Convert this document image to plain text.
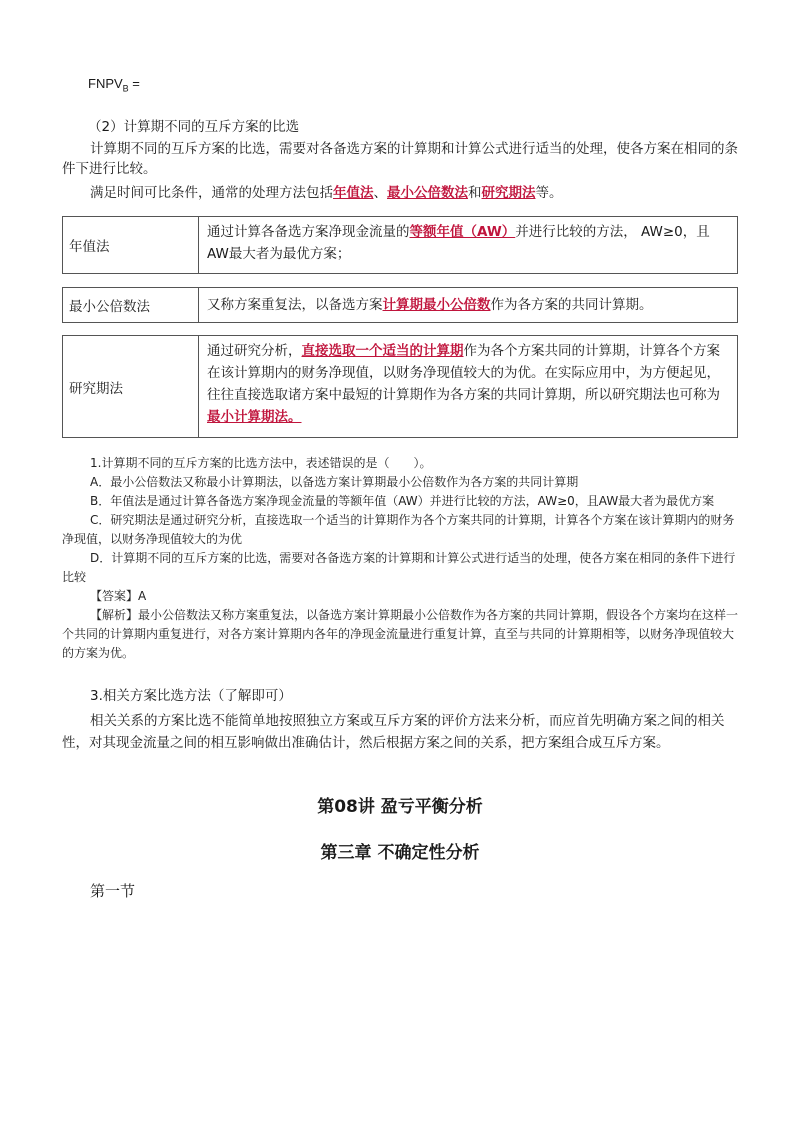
$FNPV_B$ =
（2）计算期不同的互斥方案的比选
计算期不同的互斥方案的比选，需要对各备选方案的计算期和计算公式进行适当的处理，使各方案在相同的条件下进行比较。
满足时间可比条件，通常的处理方法包括年值法、最小公倍数法和研究期法等。
年值法
通过计算各备选方案净现金流量的等额年值（AW）并进行比较的方法， AW≥0，且AW最大者为最优方案；
最小公倍数法	又称方案重复法，以备选方案计算期最小公倍数作为各方案的共同计算期。
研究期法
通过研究分析，直接选取一个适当的计算期作为各个方案共同的计算期，计算各个方案在该计算期内的财务净现值，以财务净现值较大的为优。在实际应用中，为方便起见，往往直接选取诸方案中最短的计算期作为各方案的共同计算期，所以研究期法也可称为最小计算期法。
1.计算期不同的互斥方案的比选方法中，表述错误的是（　　）。
A．最小公倍数法又称最小计算期法，以备选方案计算期最小公倍数作为各方案的共同计算期
B．年值法是通过计算各备选方案净现金流量的等额年值（AW）并进行比较的方法，AW≥0，且AW最大者为最优方案
C．研究期法是通过研究分析，直接选取一个适当的计算期作为各个方案共同的计算期，计算各个方案在该计算期内的财务净现值，以财务净现值较大的为优
D．计算期不同的互斥方案的比选，需要对各备选方案的计算期和计算公式进行适当的处理，使各方案在相同的条件下进行比较
【答案】A
【解析】最小公倍数法又称方案重复法，以备选方案计算期最小公倍数作为各方案的共同计算期，假设各个方案均在这样一个共同的计算期内重复进行，对各方案计算期内各年的净现金流量进行重复计算，直至与共同的计算期相等，以财务净现值较大的方案为优。
3.相关方案比选方法（了解即可）
相关关系的方案比选不能简单地按照独立方案或互斥方案的评价方法来分析，而应首先明确方案之间的相关性，对其现金流量之间的相互影响做出准确估计，然后根据方案之间的关系，把方案组合成互斥方案。
第08讲 盈亏平衡分析
第三章 不确定性分析
第一节
